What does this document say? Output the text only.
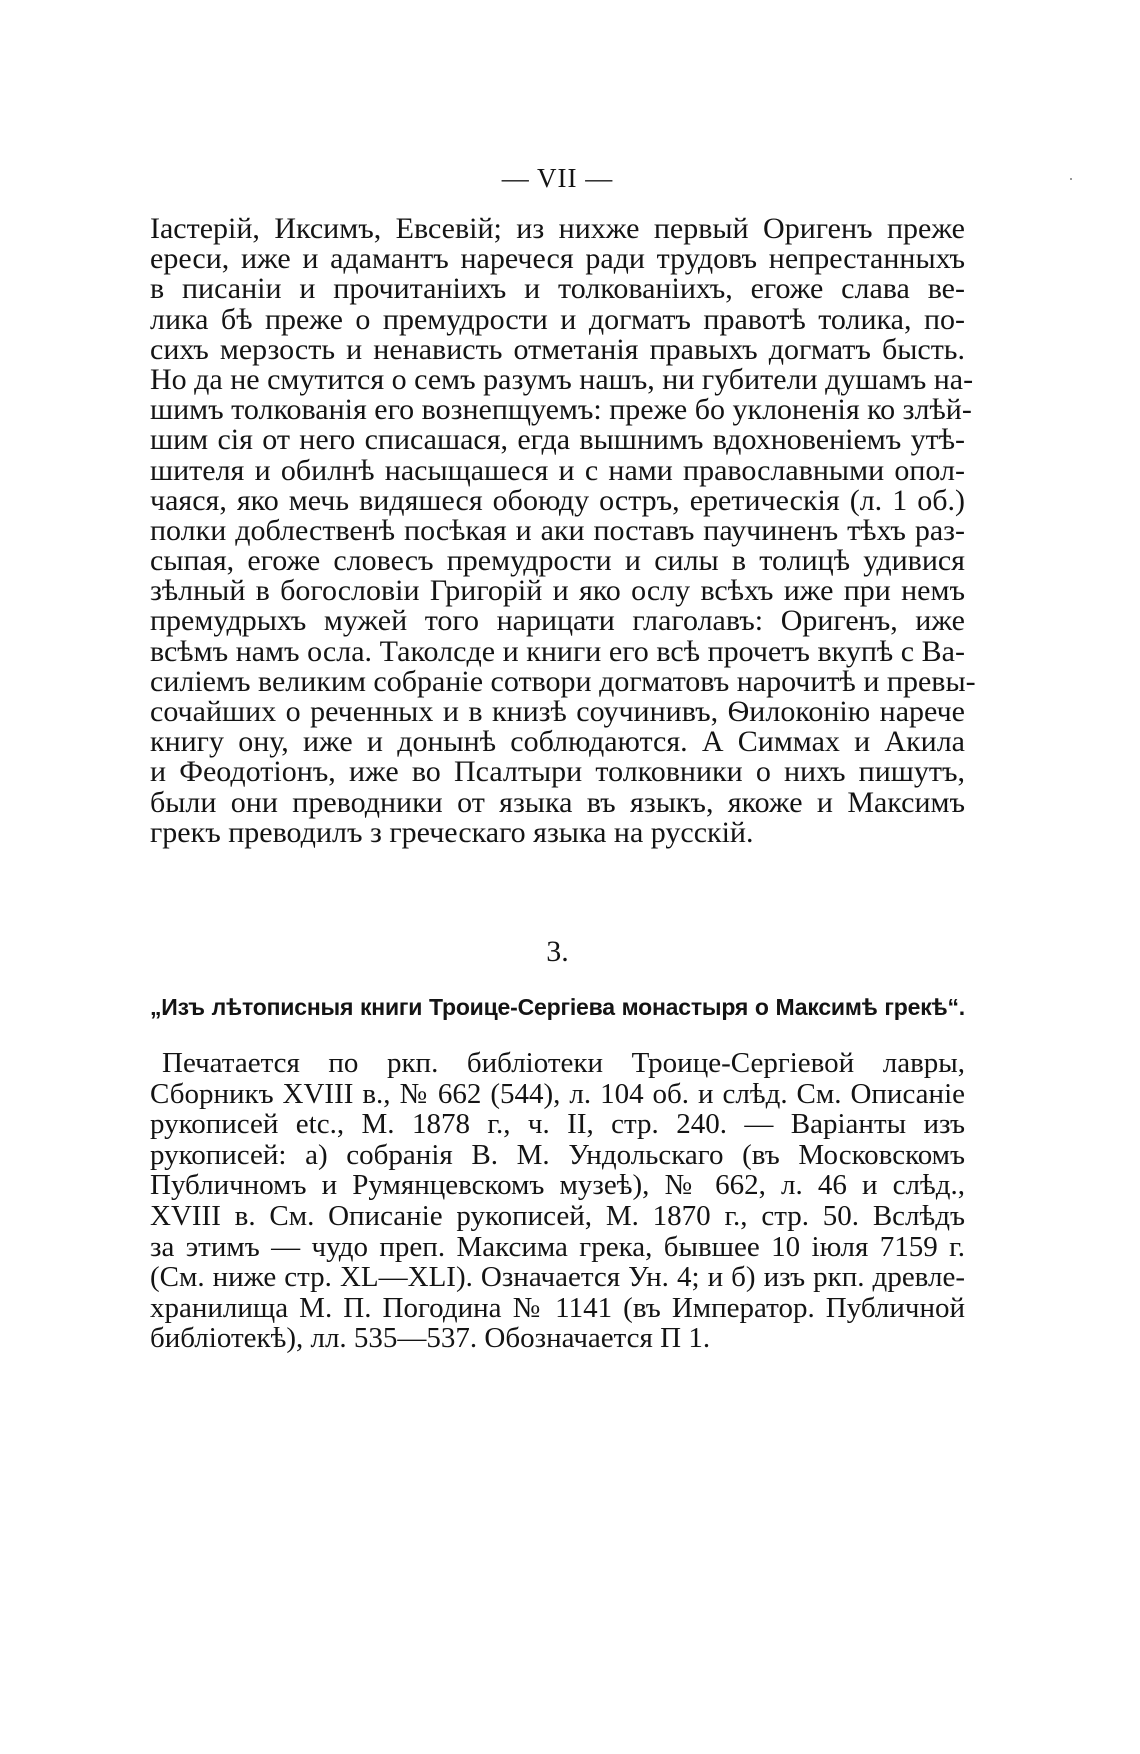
— VII —
Іастерій, Иксимъ, Евсевій; из нихже первый Оригенъ преже
ереси, иже и адамантъ наречеся ради трудовъ непрестанныхъ
в писаніи и прочитаніихъ и толкованіихъ, егоже слава ве-
лика бѣ преже о премудрости и догматъ правотѣ толика, по-
сихъ мерзость и ненависть отметанія правыхъ догматъ бысть.
Но да не смутится о семъ разумъ нашъ, ни губители душамъ на-
шимъ толкованія его вознепщуемъ: преже бо уклоненія ко злѣй-
шим сія от него списашася, егда вышнимъ вдохновеніемъ утѣ-
шителя и обилнѣ насыщашеся и с нами православными опол-
чаяся, яко мечь видяшеся обоюду остръ, еретическія (л. 1 об.)
полки доблественѣ посѣкая и аки поставъ паучиненъ тѣхъ раз-
сыпая, егоже словесъ премудрости и силы в толицѣ удивися
зѣлный в богословіи Григорій и яко ослу всѣхъ иже при немъ
премудрыхъ мужей того нарицати глаголавъ: Оригенъ, иже
всѣмъ намъ осла. Таколсде и книги его всѣ прочетъ вкупѣ с Ва-
силіемъ великим собраніе сотвори догматовъ нарочитѣ и превы-
сочайших о реченных и в книзѣ соучинивъ, Ѳилоконію нарече
книгу ону, иже и донынѣ соблюдаются. А Симмах и Акила
и Феодотіонъ, иже во Псалтыри толковники о нихъ пишутъ,
были они преводники от языка въ языкъ, якоже и Максимъ
грекъ преводилъ з греческаго языка на русскій.
3.
„Изъ лѣтописныя книги Троице-Сергіева монастыря о Максимѣ грекѣ“.
Печатается по ркп. библіотеки Троице-Сергіевой лавры,
Сборникъ XVIII в., № 662 (544), л. 104 об. и слѣд. См. Описаніе
рукописей etc., М. 1878 г., ч. II, стр. 240. — Варіанты изъ
рукописей: а) собранія В. М. Ундольскаго (въ Московскомъ
Публичномъ и Румянцевскомъ музеѣ), № 662, л. 46 и слѣд.,
XVIII в. См. Описаніе рукописей, М. 1870 г., стр. 50. Вслѣдъ
за этимъ — чудо преп. Максима грека, бывшее 10 іюля 7159 г.
(См. ниже стр. XL—XLI). Означается Ун. 4; и б) изъ ркп. древле-
хранилища М. П. Погодина № 1141 (въ Император. Публичной
библіотекѣ), лл. 535—537. Обозначается П 1.
